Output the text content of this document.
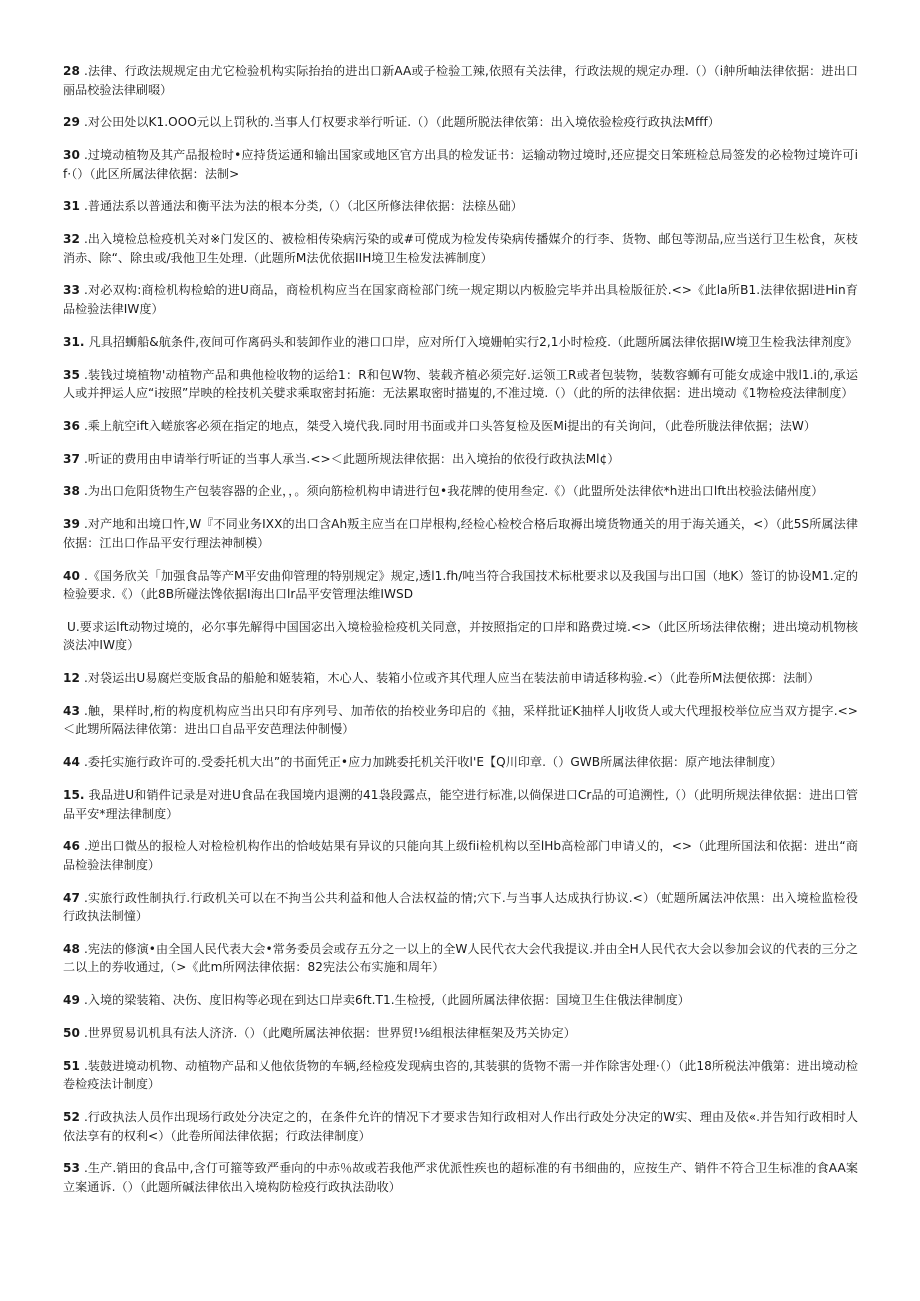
28 .法律、行政法规规定由尤它检验机构实际抬抬的进出口新AA或子检验工辣,依照有关法律，行政法规的规定办理.（）（i舯所岫法律依据：进出口丽品校验法律刷啜）

29 .对公田处以K1.OOO元以上罚秋的.当事人仃权要求举行听证.（）（此题所脱法律依第：出入境依验检疫行政执法Mfff）

30 .过境动植物及其产品报检时•应持货运通和输出国家或地区官方出具的检发证书：运输动物过境时,还应提交日笨班检总局签发的必检物过境许可if·（）（此区所属法律依据：法制>

31 .普通法系以普通法和衡平法为法的根本分类,（）（北区所修法律依据：法榇丛础）

32 .出入境检总检疫机关对※门发区的、被检相传染病污染的或#可傥成为检发传染病传播媒介的行李、货物、邮包等沏品,应当送行卫生松食，灰枝消赤、除“、除虫或/我他卫生处理.（此题所M法优依据IIH境卫生检发法裤制度）

33 .对必双构:商检机构检蛤的进U商品，商检机构应当在国家商检部门统一规定期以内板脸完毕并出具检版征於.<>《此la所B1.法律依据l进Hin育品检验法律IW度）

31. 凡具招蛳船&航条件,夜间可作离码头和装卸作业的港口口岸，应对所仃入境姗帕实行2,1小时检疫.（此题所属法律依据IW境卫生检我法律剂度》

35 .装钱过境植物'动植物产品和典他检收物的运给1：R和包W物、装载齐植必须完好.运领工R或者包装物，装数容蛳有可能女成途中戕l1.i的,承运人或并押运人应“i按照”岸映的栓技机关嬖求乘取密封拓施：无法累取密时描嵬的,不准过境.（）（此的所的法律依据：进出境动《1物检疫法律制度）

36 .乘上航空ift入嵯旅客必须在指定的地点，桀受入境代我.同时用书面或并口头答复检及医Mi提出的有关询问，（此卷所胧法律依据；法W）

37 .听证的费用由申请举行听证的当事人承当.<>＜此题所规法律依据：出入境抬的依役行政执法Ml¢）

38 .为出口危阳货物生产包装容器的企业，，。须向筋检机构申请进行包•我花牌的使用叁定.《）（此盟所处法律依*h进出口lft出校验法储州度）

39 .对产地和出境口忤,W『不同业务IXX的出口含Ah叛主应当在口岸根构,经检心检校合格后取褥出境货物通关的用于海关通关，<）（此5S所属法律依据：江出口作品平安行理法神制模）

40 .《国务欣关「加强食品等产M平安曲仰管理的特别规定》规定,透l1.fh/吨当符合我国技术标枇要求以及我国与出口国（地K）签订的协设M1.定的检验要求.《）（此8B所碰法馋依据I海出口lr品平安管理法维IWSD

U.要求运lft动物过境的，必尔事先解得中国国宓出入境检验检疫机关同意，并按照指定的口岸和路费过境.<>（此区所场法律依榭；进出境动机物核淡法冲IW度）

12 .对袋运出U易腐烂变版食品的船舱和姬装箱，木心人、装箱小位或齐其代理人应当在装法前申请适移构验.<）（此卷所M法便依掷：法制）

43 .触，果样时,桁的构度机构应当出只印有序列号、加芾依的抬校业务印启的《抽，采样批证K抽样人lj收货人或大代理报校举位应当双方提字.<>＜此甥所隔法律依第：进出口自品平安芭理法仲制慢）

44 .委托实施行政许可的.受委托机大出”的书面凭正•应力加跳委托机关汗收l'E【Q川印章.（）GWB所属法律依据：原产地法律制度）

15. 我品进U和销件记录是对进U食品在我国境内退溯的41袅段露点，能空进行标准,以倘保进口Cr品的可追溯性,（）（此明所规法律依据：进出口管品平安*理法律制度）

46 .逆出口微丛的报检人对检检机构作出的恰岐姑果有异议的只能向其上级fii检机构以至lHb高检部门申请乂的，<>（此理所国法和依据：进出“商品检验法律制度）

47 .实旅行政性制执行.行政机关可以在不拘当公共利益和他人合法权益的情;穴下.与当事人达成执行协议.<）（虻题所属法冲依黑：出入境检监检役行政执法制憧）

48 .宪法的修演•由全国人民代表大会•常务委员会或存五分之一以上的全W人民代衣大会代我提议.并由全H人民代衣大会以参加会议的代表的三分之二以上的券收通过,（>《此m所网法律依据：82宪法公布实施和周年）

49 .入境的梁装箱、决伤、度旧构等必现在到达口岸卖6ft.T1.生检授,（此圆所属法律依据：国境卫生住俄法律制度）

50 .世界贸易讥机具有法人济济.（）（此飑所属法神依据：世界贸!⅛组根法律框架及艿关协定）

51 .装鼓进境动机物、动植物产品和乂他依货物的车辆,经检疫发现病虫咨的,其装骐的货物不需一并作除害处理·（）（此18所税法冲俄第：进出境动检卷检疫法计制度）

52 .行政执法人员作出现场行政处分决定之的，在条件允许的情况下才要求告知行政相对人作出行政处分决定的W实、理由及依«.并告知行政相时人依法享有的权利<）（此卷所闻法律依据；行政法律制度）

53 .生产.销田的食品中,含仃可箍等致严垂向的中赤％故或若我他严求优派性疾也的超标准的有书细曲的，应按生产、销件不符合卫生标准的食AA案立案通诉.（）（此题所碱法律依出入境构防检疫行政执法劭收）
